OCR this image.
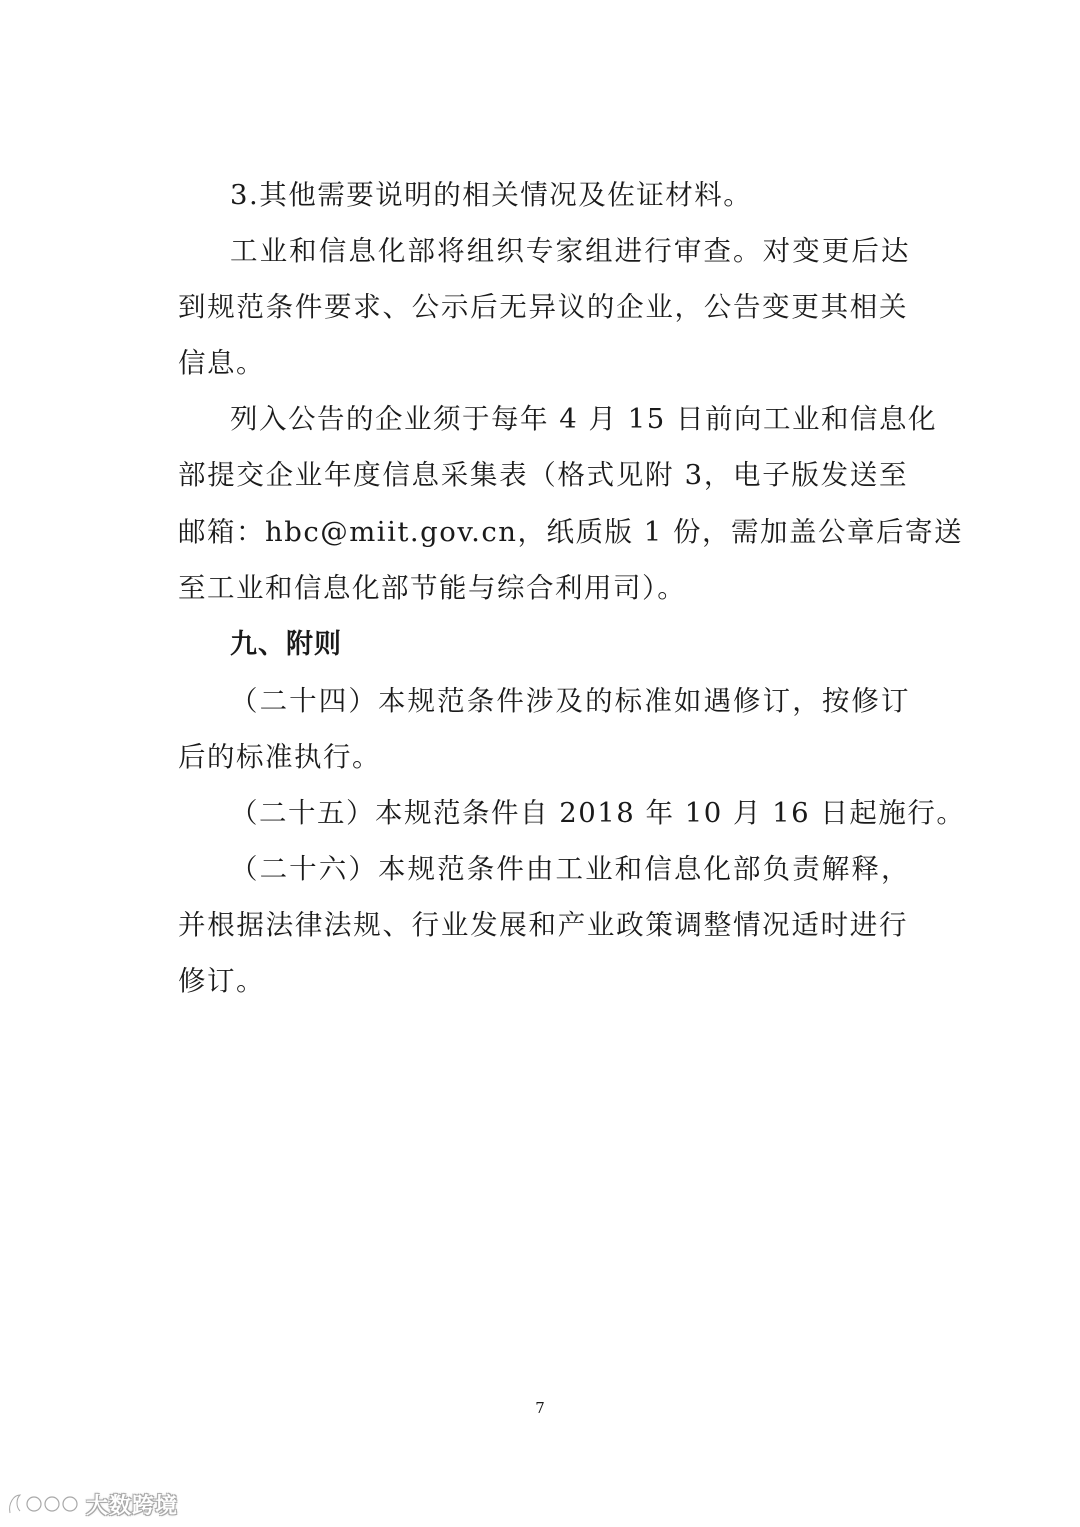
3.其他需要说明的相关情况及佐证材料。
工业和信息化部将组织专家组进行审查。对变更后达
到规范条件要求、公示后无异议的企业，公告变更其相关
信息。
列入公告的企业须于每年 4 月 15 日前向工业和信息化
部提交企业年度信息采集表（格式见附 3，电子版发送至
邮箱：hbc@miit.gov.cn，纸质版 1 份，需加盖公章后寄送
至工业和信息化部节能与综合利用司）。
九、附则
（二十四）本规范条件涉及的标准如遇修订，按修订
后的标准执行。
（二十五）本规范条件自 2018 年 10 月 16 日起施行。
（二十六）本规范条件由工业和信息化部负责解释，
并根据法律法规、行业发展和产业政策调整情况适时进行
修订。
7
大数跨境
